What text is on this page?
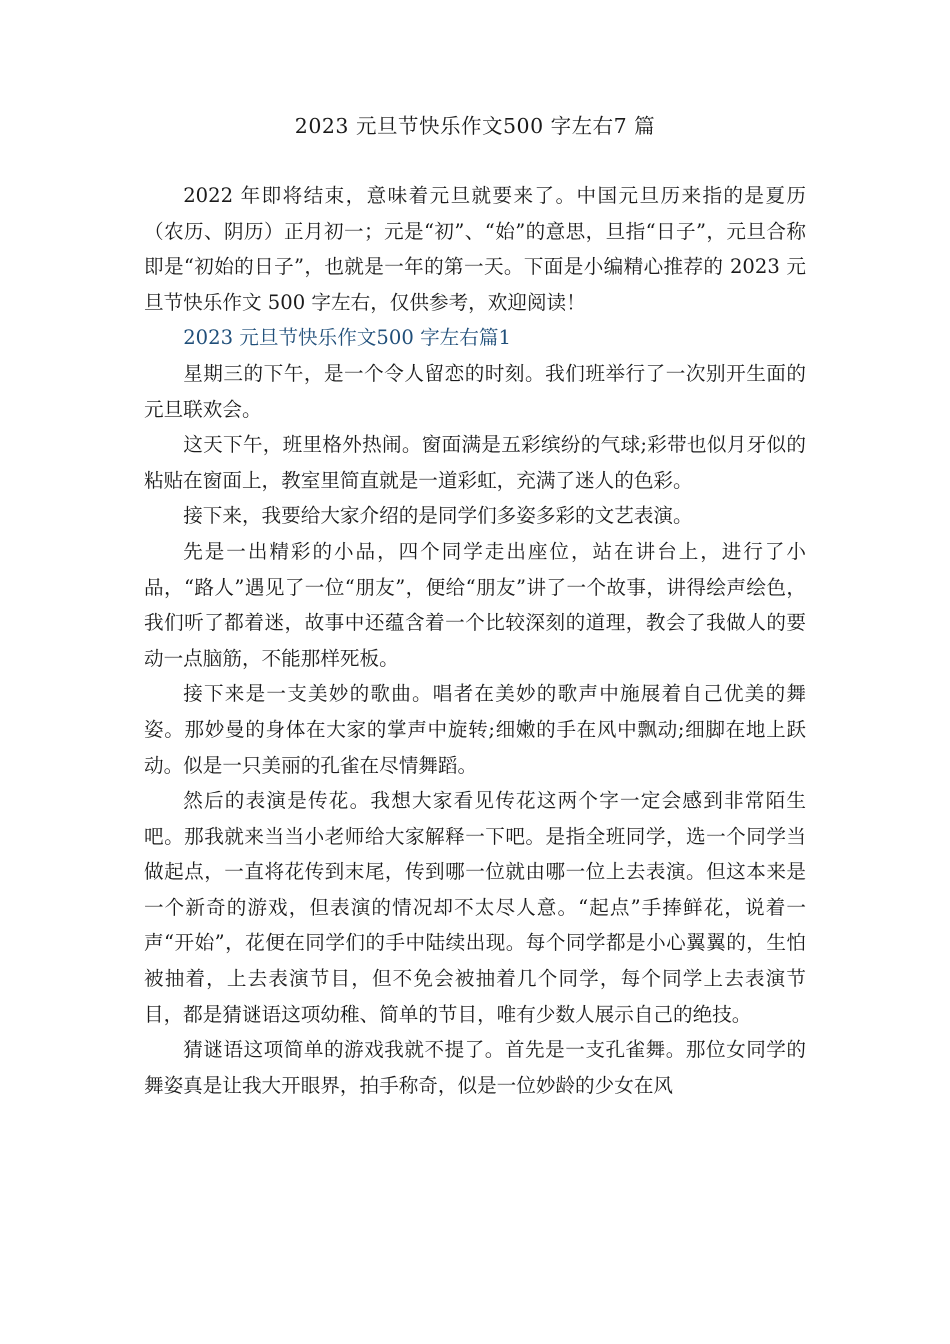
2023 元旦节快乐作文500 字左右7 篇

2022 年即将结束，意味着元旦就要来了。中国元旦历来指的是夏历（农历、阴历）正月初一；元是“初”、“始”的意思，旦指“日子”，元旦合称即是“初始的日子”，也就是一年的第一天。下面是小编精心推荐的 2023 元旦节快乐作文 500 字左右，仅供参考，欢迎阅读！

2023 元旦节快乐作文500 字左右篇1

星期三的下午，是一个令人留恋的时刻。我们班举行了一次别开生面的元旦联欢会。

这天下午，班里格外热闹。窗面满是五彩缤纷的气球;彩带也似月牙似的粘贴在窗面上，教室里简直就是一道彩虹，充满了迷人的色彩。

接下来，我要给大家介绍的是同学们多姿多彩的文艺表演。

先是一出精彩的小品，四个同学走出座位，站在讲台上，进行了小品，“路人”遇见了一位“朋友”，便给“朋友”讲了一个故事，讲得绘声绘色，我们听了都着迷，故事中还蕴含着一个比较深刻的道理，教会了我做人的要动一点脑筋，不能那样死板。

接下来是一支美妙的歌曲。唱者在美妙的歌声中施展着自己优美的舞姿。那妙曼的身体在大家的掌声中旋转;细嫩的手在风中飘动;细脚在地上跃动。似是一只美丽的孔雀在尽情舞蹈。

然后的表演是传花。我想大家看见传花这两个字一定会感到非常陌生吧。那我就来当当小老师给大家解释一下吧。是指全班同学，选一个同学当做起点，一直将花传到末尾，传到哪一位就由哪一位上去表演。但这本来是一个新奇的游戏，但表演的情况却不太尽人意。“起点”手捧鲜花，说着一声“开始”，花便在同学们的手中陆续出现。每个同学都是小心翼翼的，生怕被抽着，上去表演节目，但不免会被抽着几个同学，每个同学上去表演节目，都是猜谜语这项幼稚、简单的节目，唯有少数人展示自己的绝技。

猜谜语这项简单的游戏我就不提了。首先是一支孔雀舞。那位女同学的舞姿真是让我大开眼界，拍手称奇，似是一位妙龄的少女在风
